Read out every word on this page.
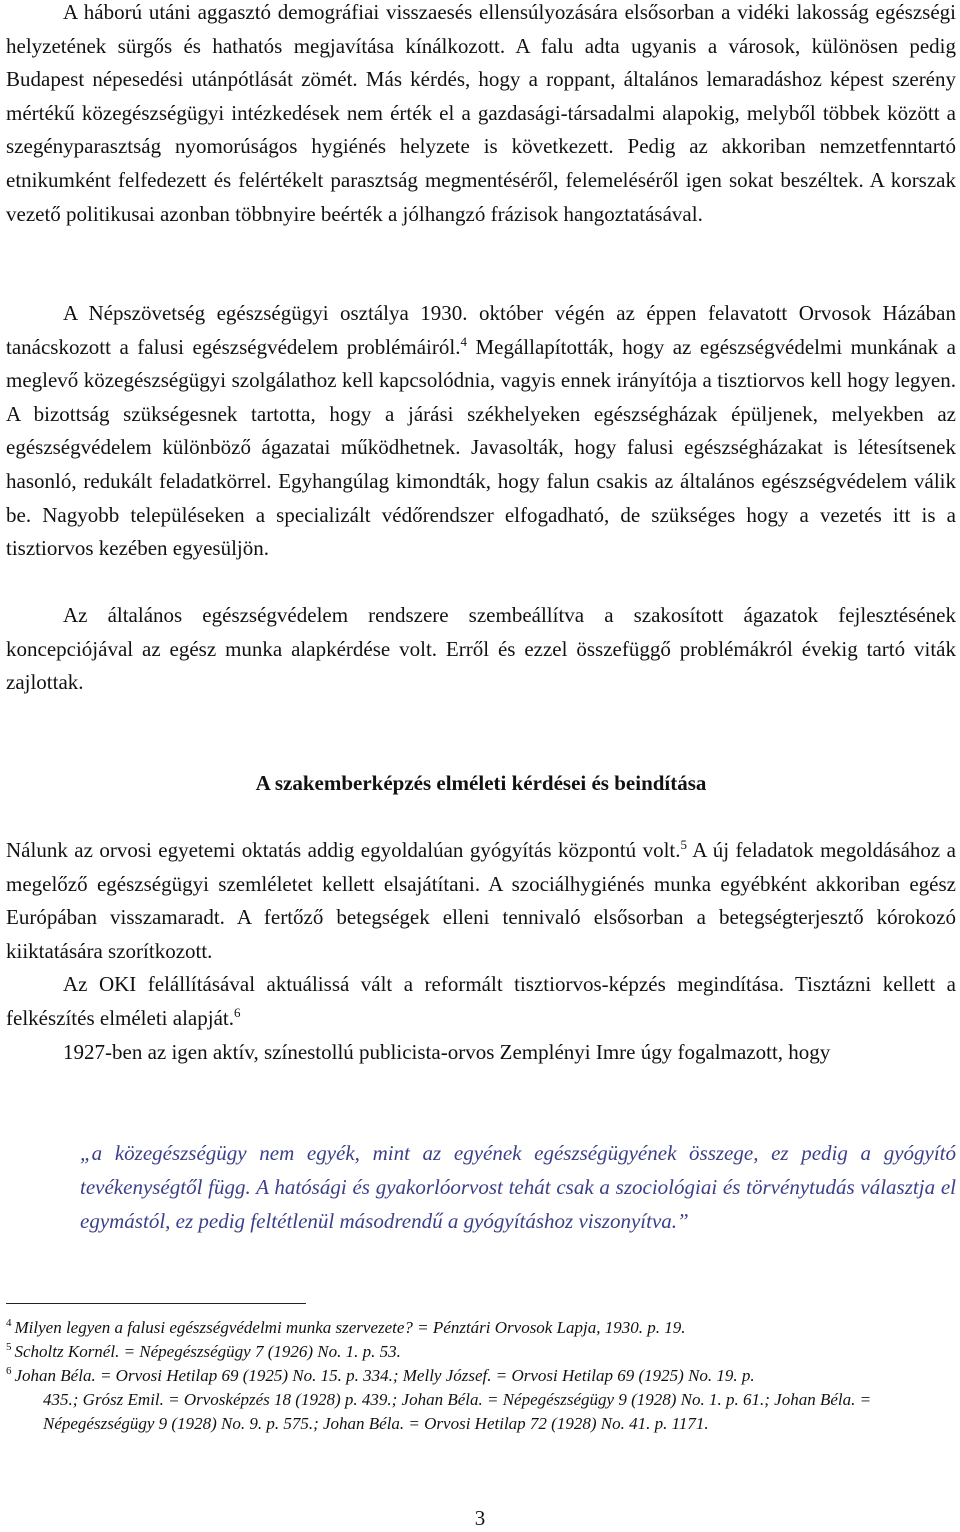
A háború utáni aggasztó demográfiai visszaesés ellensúlyozására elsősorban a vidéki lakosság egészségi helyzetének sürgős és hathatós megjavítása kínálkozott. A falu adta ugyanis a városok, különösen pedig Budapest népesedési utánpótlását zömét. Más kérdés, hogy a roppant, általános lemaradáshoz képest szerény mértékű közegészségügyi intézkedések nem érték el a gazdasági-társadalmi alapokig, melyből többek között a szegényparasztság nyomorúságos hygiénés helyzete is következett. Pedig az akkoriban nemzetfenntartó etnikumként felfedezett és felértékelt parasztság megmentéséről, felemeléséről igen sokat beszéltek. A korszak vezető politikusai azonban többnyire beérték a jólhangzó frázisok hangoztatásával.

A Népszövetség egészségügyi osztálya 1930. október végén az éppen felavatott Orvosok Házában tanácskozott a falusi egészségvédelem problémáiról.$^4$ Megállapították, hogy az egészségvédelmi munkának a meglevő közegészségügyi szolgálathoz kell kapcsolódnia, vagyis ennek irányítója a tisztiorvos kell hogy legyen. A bizottság szükségesnek tartotta, hogy a járási székhelyeken egészségházak épüljenek, melyekben az egészségvédelem különböző ágazatai működhetnek. Javasolták, hogy falusi egészségházakat is létesítsenek hasonló, redukált feladatkörrel. Egyhangúlag kimondták, hogy falun csakis az általános egészségvédelem válik be. Nagyobb településeken a specializált védőrendszer elfogadható, de szükséges hogy a vezetés itt is a tisztiorvos kezében egyesüljön.

Az általános egészségvédelem rendszere szembeállítva a szakosított ágazatok fejlesztésének koncepciójával az egész munka alapkérdése volt. Erről és ezzel összefüggő problémákról évekig tartó viták zajlottak.

A szakemberképzés elméleti kérdései és beindítása

Nálunk az orvosi egyetemi oktatás addig egyoldalúan gyógyítás központú volt.$^5$ A új feladatok megoldásához a megelőző egészségügyi szemléletet kellett elsajátítani. A szociálhygiénés munka egyébként akkoriban egész Európában visszamaradt. A fertőző betegségek elleni tennivaló elsősorban a betegségterjesztő kórokozó kiiktatására szorítkozott.

Az OKI felállításával aktuálissá vált a reformált tisztiorvos-képzés megindítása. Tisztázni kellett a felkészítés elméleti alapját.$^6$

1927-ben az igen aktív, színestollú publicista-orvos Zemplényi Imre úgy fogalmazott, hogy

„a közegészségügy nem egyék, mint az egyének egészségügyének összege, ez pedig a gyógyító tevékenységtől függ. A hatósági és gyakorlóorvost tehát csak a szociológiai és törvénytudás választja el egymástól, ez pedig feltétlenül másodrendű a gyógyításhoz viszonyítva.”

$^4$ Milyen legyen a falusi egészségvédelmi munka szervezete? = Pénztári Orvosok Lapja, 1930. p. 19.

$^5$ Scholtz Kornél. = Népegészségügy 7 (1926) No. 1. p. 53.

$^6$ Johan Béla. = Orvosi Hetilap 69 (1925) No. 15. p. 334.; Melly József. = Orvosi Hetilap 69 (1925) No. 19. p.
435.; Grósz Emil. = Orvosképzés 18 (1928) p. 439.; Johan Béla. = Népegészségügy 9 (1928) No. 1. p. 61.; Johan Béla. = Népegészségügy 9 (1928) No. 9. p. 575.; Johan Béla. = Orvosi Hetilap 72 (1928) No. 41. p. 1171.

3
